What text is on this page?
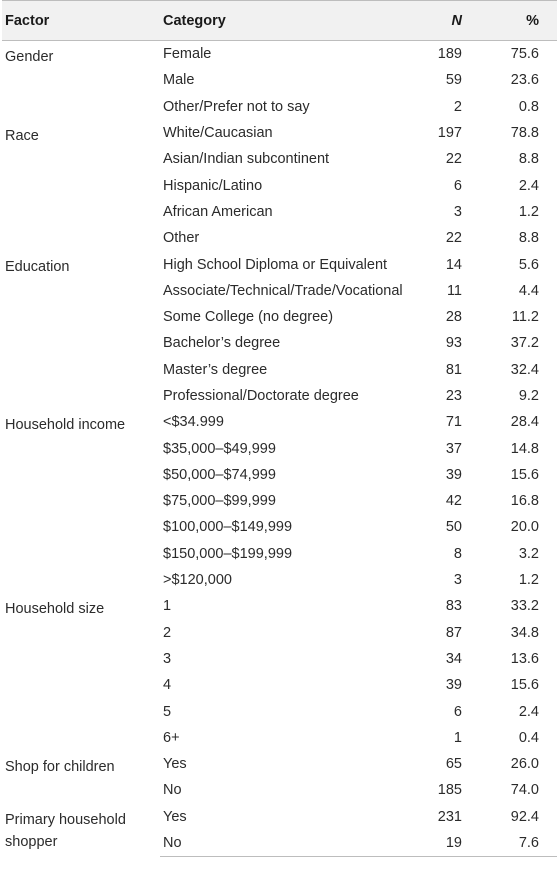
Factor	Category	N	%
Gender	Female	189	75.6
	Male	59	23.6
	Other/Prefer not to say	2	0.8
Race	White/Caucasian	197	78.8
	Asian/Indian subcontinent	22	8.8
	Hispanic/Latino	6	2.4
	African American	3	1.2
	Other	22	8.8
Education	High School Diploma or Equivalent	14	5.6
	Associate/Technical/Trade/Vocational	11	4.4
	Some College (no degree)	28	11.2
	Bachelor’s degree	93	37.2
	Master’s degree	81	32.4
	Professional/Doctorate degree	23	9.2
Household income	<$34.999	71	28.4
	$35,000–$49,999	37	14.8
	$50,000–$74,999	39	15.6
	$75,000–$99,999	42	16.8
	$100,000–$149,999	50	20.0
	$150,000–$199,999	8	3.2
	>$120,000	3	1.2
Household size	1	83	33.2
	2	87	34.8
	3	34	13.6
	4	39	15.6
	5	6	2.4
	6+	1	0.4
Shop for children	Yes	65	26.0
	No	185	74.0
Primary household shopper	Yes	231	92.4
	No	19	7.6
